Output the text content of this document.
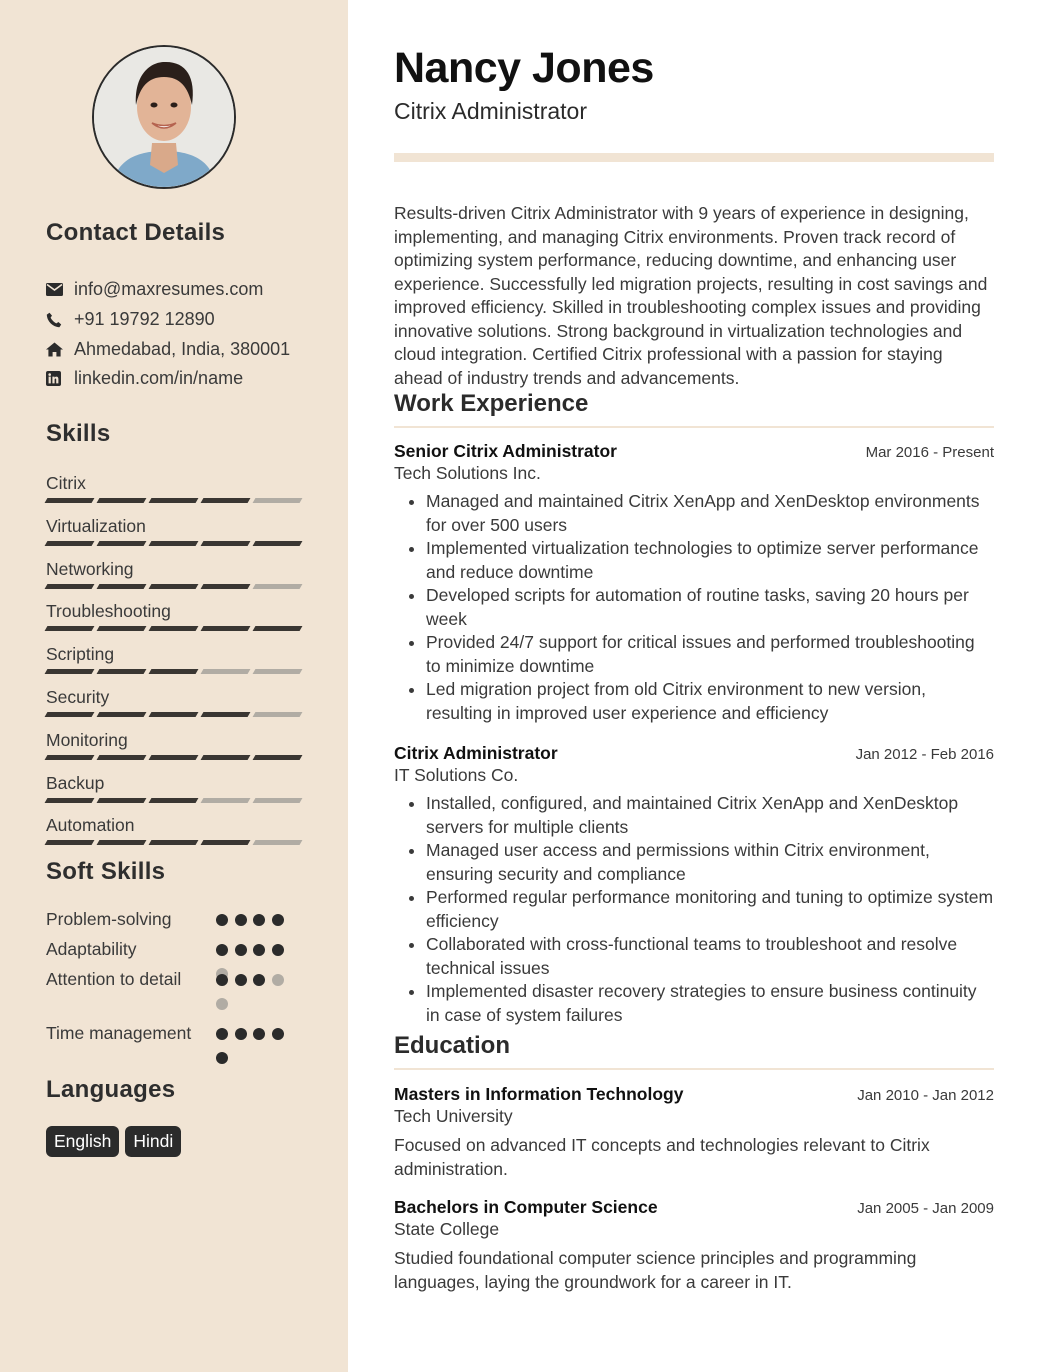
Contact Details
info@maxresumes.com
+91 19792 12890
Ahmedabad, India, 380001
linkedin.com/in/name
Skills
Citrix
Virtualization
Networking
Troubleshooting
Scripting
Security
Monitoring
Backup
Automation
Soft Skills
Problem-solving
Adaptability
Attention to detail
Time management
Languages
English	Hindi
Nancy Jones
Citrix Administrator

Results-driven Citrix Administrator with 9 years of experience in designing, implementing, and managing Citrix environments. Proven track record of optimizing system performance, reducing downtime, and enhancing user experience. Successfully led migration projects, resulting in cost savings and improved efficiency. Skilled in troubleshooting complex issues and providing innovative solutions. Strong background in virtualization technologies and cloud integration. Certified Citrix professional with a passion for staying ahead of industry trends and advancements.

Work Experience
Senior Citrix Administrator	Mar 2016 - Present
Tech Solutions Inc.
• Managed and maintained Citrix XenApp and XenDesktop environments for over 500 users
• Implemented virtualization technologies to optimize server performance and reduce downtime
• Developed scripts for automation of routine tasks, saving 20 hours per week
• Provided 24/7 support for critical issues and performed troubleshooting to minimize downtime
• Led migration project from old Citrix environment to new version, resulting in improved user experience and efficiency
Citrix Administrator	Jan 2012 - Feb 2016
IT Solutions Co.
• Installed, configured, and maintained Citrix XenApp and XenDesktop servers for multiple clients
• Managed user access and permissions within Citrix environment, ensuring security and compliance
• Performed regular performance monitoring and tuning to optimize system efficiency
• Collaborated with cross-functional teams to troubleshoot and resolve technical issues
• Implemented disaster recovery strategies to ensure business continuity in case of system failures
Education
Masters in Information Technology	Jan 2010 - Jan 2012
Tech University

Focused on advanced IT concepts and technologies relevant to Citrix administration.

Bachelors in Computer Science	Jan 2005 - Jan 2009
State College

Studied foundational computer science principles and programming languages, laying the groundwork for a career in IT.
